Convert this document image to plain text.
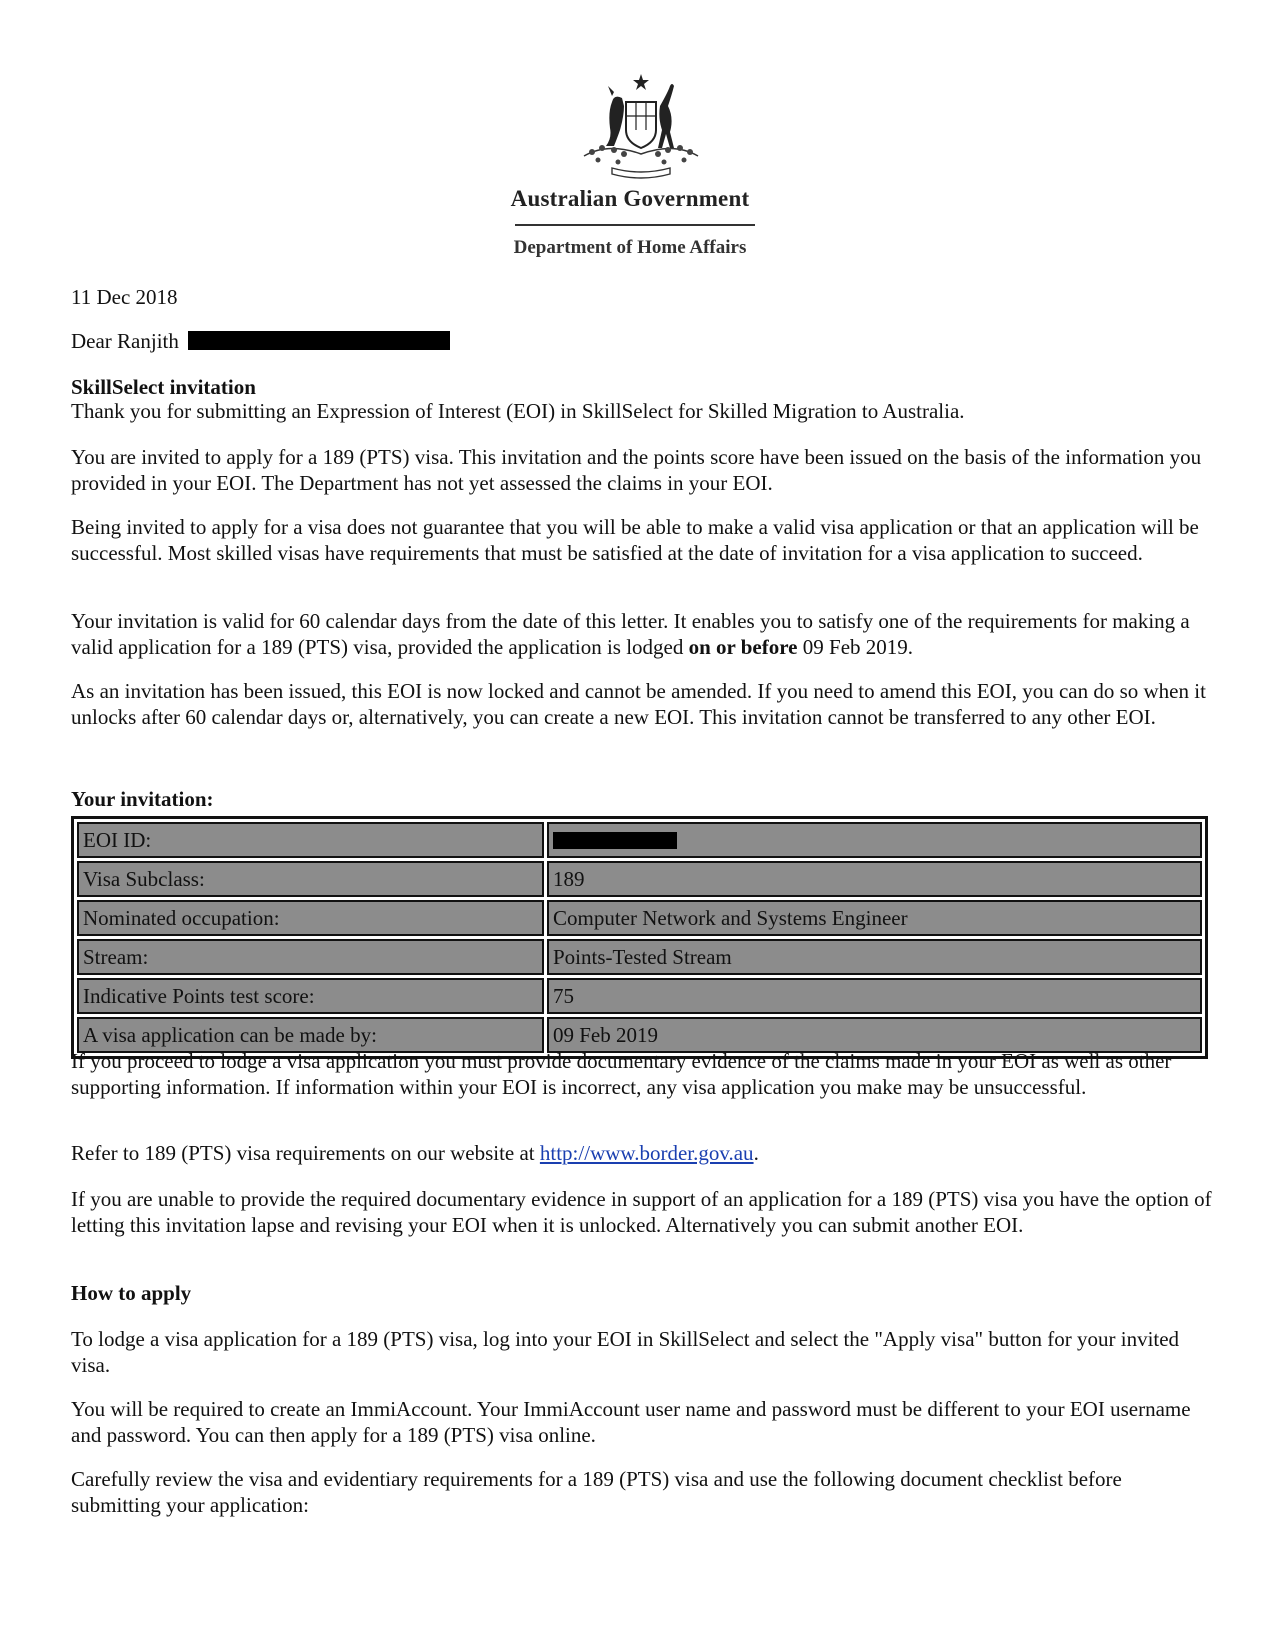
Australian Government
Department of Home Affairs
11 Dec 2018
Dear Ranjith
SkillSelect invitation
Thank you for submitting an Expression of Interest (EOI) in SkillSelect for Skilled Migration to Australia.
You are invited to apply for a 189 (PTS) visa. This invitation and the points score have been issued on the basis of the information you provided in your EOI. The Department has not yet assessed the claims in your EOI.
Being invited to apply for a visa does not guarantee that you will be able to make a valid visa application or that an application will be successful. Most skilled visas have requirements that must be satisfied at the date of invitation for a visa application to succeed.
Your invitation is valid for 60 calendar days from the date of this letter. It enables you to satisfy one of the requirements for making a valid application for a 189 (PTS) visa, provided the application is lodged on or before 09 Feb 2019.
As an invitation has been issued, this EOI is now locked and cannot be amended. If you need to amend this EOI, you can do so when it unlocks after 60 calendar days or, alternatively, you can create a new EOI. This invitation cannot be transferred to any other EOI.
Your invitation:
EOI ID:	
Visa Subclass:	189
Nominated occupation:	Computer Network and Systems Engineer
Stream:	Points-Tested Stream
Indicative Points test score:	75
A visa application can be made by:	09 Feb 2019
If you proceed to lodge a visa application you must provide documentary evidence of the claims made in your EOI as well as other supporting information. If information within your EOI is incorrect, any visa application you make may be unsuccessful.
Refer to 189 (PTS) visa requirements on our website at http://www.border.gov.au.
If you are unable to provide the required documentary evidence in support of an application for a 189 (PTS) visa you have the option of letting this invitation lapse and revising your EOI when it is unlocked. Alternatively you can submit another EOI.
How to apply
To lodge a visa application for a 189 (PTS) visa, log into your EOI in SkillSelect and select the "Apply visa" button for your invited visa.
You will be required to create an ImmiAccount. Your ImmiAccount user name and password must be different to your EOI username and password. You can then apply for a 189 (PTS) visa online.
Carefully review the visa and evidentiary requirements for a 189 (PTS) visa and use the following document checklist before submitting your application:
